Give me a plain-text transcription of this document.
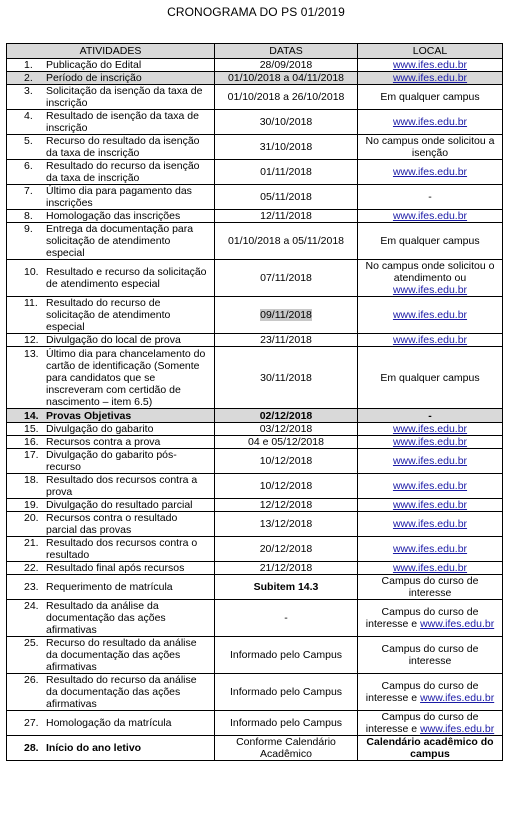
CRONOGRAMA DO PS 01/2019
ATIVIDADES	DATAS	LOCAL

1. Publicação do Edital	28/09/2018	www.ifes.edu.br

2. Período de inscrição	01/10/2018 a 04/11/2018	www.ifes.edu.br

3. Solicitação da isenção da taxa de inscrição	01/10/2018 a 26/10/2018	Em qualquer campus

4. Resultado de isenção da taxa de inscrição	30/10/2018	www.ifes.edu.br

5. Recurso do resultado da isenção da taxa de inscrição	31/10/2018	No campus onde solicitou a isenção

6. Resultado do recurso da isenção da taxa de inscrição	01/11/2018	www.ifes.edu.br

7. Último dia para pagamento das inscrições	05/11/2018	-

8. Homologação das inscrições	12/11/2018	www.ifes.edu.br

9. Entrega da documentação para solicitação de atendimento especial	01/10/2018 a 05/11/2018	Em qualquer campus

10. Resultado e recurso da solicitação de atendimento especial	07/11/2018	No campus onde solicitou o atendimento ou www.ifes.edu.br

11. Resultado do recurso de solicitação de atendimento especial	09/11/2018	www.ifes.edu.br

12. Divulgação do local de prova	23/11/2018	www.ifes.edu.br

13. Último dia para chancelamento do cartão de identificação (Somente para candidatos que se inscreveram com certidão de nascimento – item 6.5)	30/11/2018	Em qualquer campus

14. Provas Objetivas	02/12/2018	-

15. Divulgação do gabarito	03/12/2018	www.ifes.edu.br

16. Recursos contra a prova	04 e 05/12/2018	www.ifes.edu.br

17. Divulgação do gabarito pós-recurso	10/12/2018	www.ifes.edu.br

18. Resultado dos recursos contra a prova	10/12/2018	www.ifes.edu.br

19. Divulgação do resultado parcial	12/12/2018	www.ifes.edu.br

20. Recursos contra o resultado parcial das provas	13/12/2018	www.ifes.edu.br

21. Resultado dos recursos contra o resultado	20/12/2018	www.ifes.edu.br

22. Resultado final após recursos	21/12/2018	www.ifes.edu.br

23. Requerimento de matrícula	Subitem 14.3	Campus do curso de interesse

24. Resultado da análise da documentação das ações afirmativas	-	Campus do curso de interesse e www.ifes.edu.br

25. Recurso do resultado da análise da documentação das ações afirmativas	Informado pelo Campus	Campus do curso de interesse

26. Resultado do recurso da análise da documentação das ações afirmativas	Informado pelo Campus	Campus do curso de interesse e www.ifes.edu.br

27. Homologação da matrícula	Informado pelo Campus	Campus do curso de interesse e www.ifes.edu.br

28. Início do ano letivo	Conforme Calendário Acadêmico	Calendário acadêmico do campus
